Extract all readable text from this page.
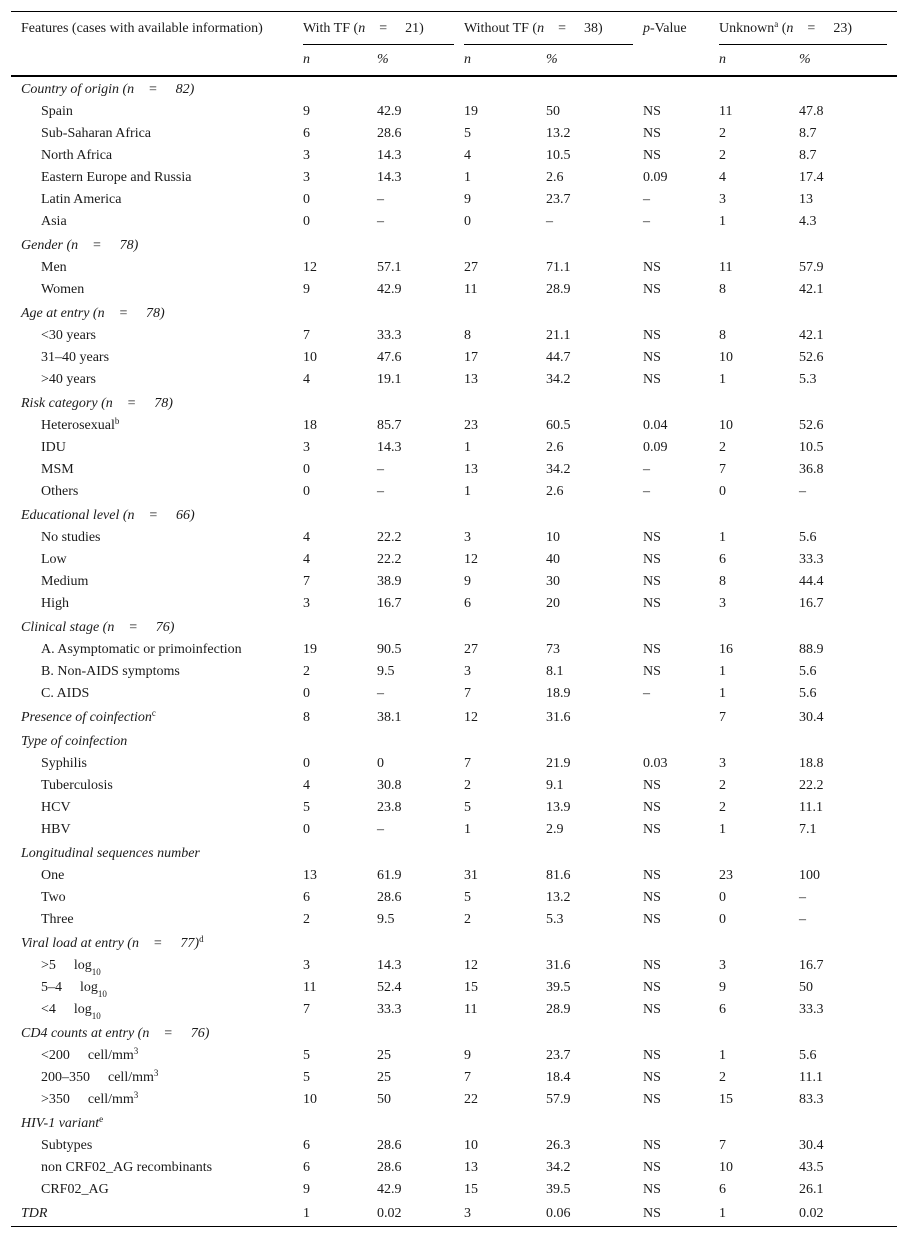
Features (cases with available information)	With TF (n = 21)		Without TF (n = 38)		p-Value	Unknown$^a$ (n = 23)	
	n	%	n	%		n	%
Country of origin (n = 82)							
Spain	9	42.9	19	50	NS	11	47.8
Sub-Saharan Africa	6	28.6	5	13.2	NS	2	8.7
North Africa	3	14.3	4	10.5	NS	2	8.7
Eastern Europe and Russia	3	14.3	1	2.6	0.09	4	17.4
Latin America	0	–	9	23.7	–	3	13
Asia	0	–	0	–	–	1	4.3
Gender (n = 78)							
Men	12	57.1	27	71.1	NS	11	57.9
Women	9	42.9	11	28.9	NS	8	42.1
Age at entry (n = 78)							
<30 years	7	33.3	8	21.1	NS	8	42.1
31–40 years	10	47.6	17	44.7	NS	10	52.6
>40 years	4	19.1	13	34.2	NS	1	5.3
Risk category (n = 78)							
Heterosexual$^b$	18	85.7	23	60.5	0.04	10	52.6
IDU	3	14.3	1	2.6	0.09	2	10.5
MSM	0	–	13	34.2	–	7	36.8
Others	0	–	1	2.6	–	0	–
Educational level (n = 66)							
No studies	4	22.2	3	10	NS	1	5.6
Low	4	22.2	12	40	NS	6	33.3
Medium	7	38.9	9	30	NS	8	44.4
High	3	16.7	6	20	NS	3	16.7
Clinical stage (n = 76)							
A. Asymptomatic or primoinfection	19	90.5	27	73	NS	16	88.9
B. Non-AIDS symptoms	2	9.5	3	8.1	NS	1	5.6
C. AIDS	0	–	7	18.9	–	1	5.6
Presence of coinfection$^c$	8	38.1	12	31.6		7	30.4
Type of coinfection							
Syphilis	0	0	7	21.9	0.03	3	18.8
Tuberculosis	4	30.8	2	9.1	NS	2	22.2
HCV	5	23.8	5	13.9	NS	2	11.1
HBV	0	–	1	2.9	NS	1	7.1
Longitudinal sequences number							
One	13	61.9	31	81.6	NS	23	100
Two	6	28.6	5	13.2	NS	0	–
Three	2	9.5	2	5.3	NS	0	–
Viral load at entry (n = 77)$^d$							
>5 $\log_{10}$	3	14.3	12	31.6	NS	3	16.7
5–4 $\log_{10}$	11	52.4	15	39.5	NS	9	50
<4 $\log_{10}$	7	33.3	11	28.9	NS	6	33.3
CD4 counts at entry (n = 76)							
<200 cell/$mm^3$	5	25	9	23.7	NS	1	5.6
200–350 cell/$mm^3$	5	25	7	18.4	NS	2	11.1
>350 cell/$mm^3$	10	50	22	57.9	NS	15	83.3
HIV-1 variant$^e$							
Subtypes	6	28.6	10	26.3	NS	7	30.4
non CRF02_AG recombinants	6	28.6	13	34.2	NS	10	43.5
CRF02_AG	9	42.9	15	39.5	NS	6	26.1
TDR	1	0.02	3	0.06	NS	1	0.02
